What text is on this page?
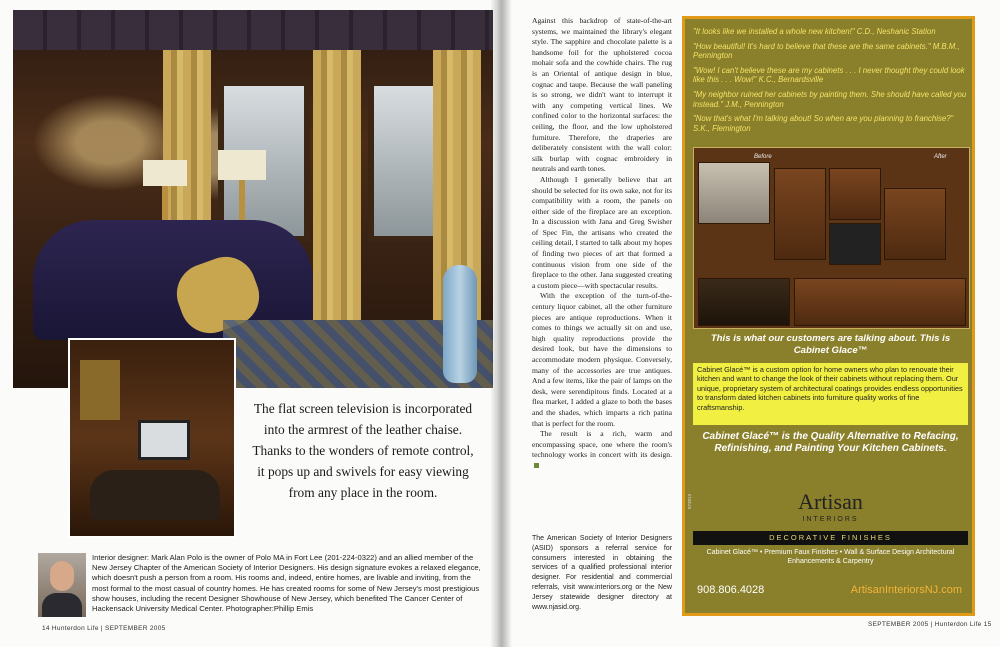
The flat screen television is incorporated into the armrest of the leather chaise. Thanks to the wonders of remote control, it pops up and swivels for easy viewing from any place in the room.
Interior designer: Mark Alan Polo is the owner of Polo MA in Fort Lee (201-224-0322) and an allied member of the New Jersey Chapter of the American Society of Interior Designers. His design signature evokes a relaxed elegance, which doesn't push a person from a room. His rooms and, indeed, entire homes, are livable and inviting, from the most formal to the most casual of country homes. He has created rooms for some of New Jersey's most prestigious show houses, including the recent Designer Showhouse of New Jersey, which benefited The Cancer Center of Hackensack University Medical Center. Photographer:Phillip Emis
14 Hunterdon Life | SEPTEMBER 2005

Against this backdrop of state-of-the-art systems, we maintained the library's elegant style. The sapphire and chocolate palette is a handsome foil for the upholstered cocoa mohair sofa and the cowhide chairs. The rug is an Oriental of antique design in blue, cognac and taupe. Because the wall paneling is so strong, we didn't want to interrupt it with any competing vertical lines. We confined color to the horizontal surfaces: the ceiling, the floor, and the low upholstered furniture. Therefore, the draperies are deliberately consistent with the wall color: silk burlap with cognac embroidery in neutrals and earth tones.

Although I generally believe that art should be selected for its own sake, not for its compatibility with a room, the panels on either side of the fireplace are an exception. In a discussion with Jana and Greg Swisher of Spec Fin, the artisans who created the ceiling detail, I started to talk about my hopes of finding two pieces of art that formed a continuous vision from one side of the fireplace to the other. Jana suggested creating a custom piece—with spectacular results.

With the exception of the turn-of-the-century liquor cabinet, all the other furniture pieces are antique reproductions. When it comes to things we actually sit on and use, high quality reproductions provide the desired look, but have the dimensions to accommodate modern physique. Conversely, many of the accessories are true antiques. And a few items, like the pair of lamps on the desk, were serendipitous finds. Located at a flea market, I added a glaze to both the bases and the shades, which imparts a rich patina that is perfect for the room.

The result is a rich, warm and encompassing space, one where the room's technology works in concert with its design.

The American Society of Interior Designers (ASID) sponsors a referral service for consumers interested in obtaining the services of a qualified professional interior designer. For residential and commercial referrals, visit www.interiors.org or the New Jersey statewide designer directory at www.njasid.org.
"It looks like we installed a whole new kitchen!" C.D., Neshanic Station
"How beautiful! It's hard to believe that these are the same cabinets." M.B.M., Pennington
"Wow! I can't believe these are my cabinets . . . I never thought they could look like this . . . Wow!" K.C., Bernardsville
"My neighbor ruined her cabinets by painting them. She should have called you instead." J.M., Pennington
"Now that's what I'm talking about! So when are you planning to franchise?" S.K., Flemington
Before	After
This is what our customers are talking about. This is Cabinet Glace™
Cabinet Glacé™ is a custom option for home owners who plan to renovate their kitchen and want to change the look of their cabinets without replacing them. Our unique, proprietary system of architectural coatings provides endless opportunities to transform dated kitchen cabinets into furniture quality works of fine craftsmanship.
Cabinet Glacé™ is the Quality Alternative to Refacing, Refinishing, and Painting Your Kitchen Cabinets.
Artisan
INTERIORS
DECORATIVE FINISHES
Cabinet Glacé™ • Premium Faux Finishes • Wall & Surface Design Architectural Enhancements & Carpentry
908.806.4028	ArtisanInteriorsNJ.com
073813
SEPTEMBER 2005 | Hunterdon Life 15
